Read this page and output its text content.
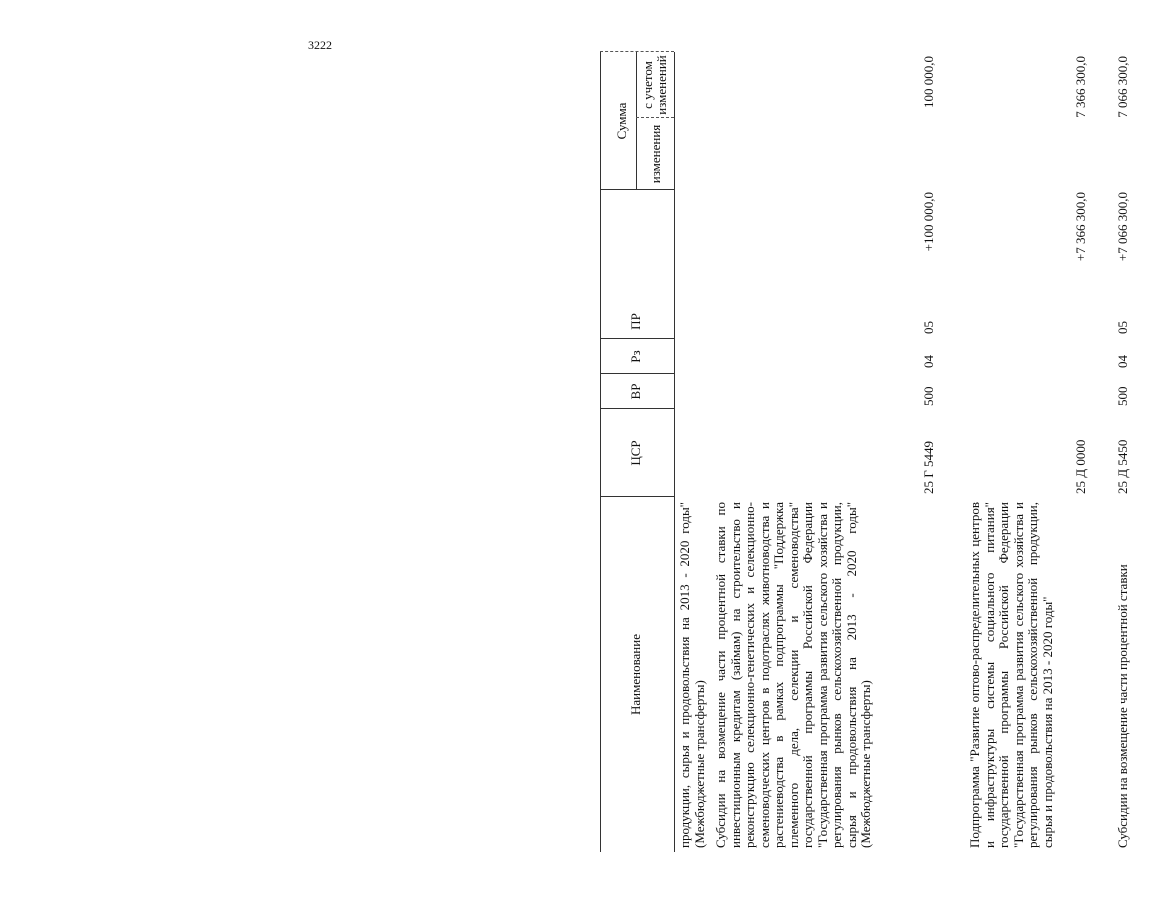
3222
Наименование
ЦСР
ВР
Рз
ПР
Сумма
изменения
с учетом изменений
продукции, сырья и продовольствия на 2013 - 2020 годы" (Межбюджетные трансферты) Субсидии на возмещение части процентной ставки по инвестиционным кредитам (займам) на строительство и реконструкцию селекционно-генетических и селекционно-семеноводческих центров в подотраслях животноводства и растениеводства в рамках подпрограммы "Поддержка племенного дела, селекции и семеноводства" государственной программы Российской Федерации "Государственная программа развития сельского хозяйства и регулирования рынков сельскохозяйственной продукции, сырья и продовольствия на 2013 - 2020 годы" (Межбюджетные трансферты)
25 Г 5449
500
04
05
+100 000,0
100 000,0
Подпрограмма "Развитие оптово-распределительных центров и инфраструктуры системы социального питания" государственной программы Российской Федерации "Государственная программа развития сельского хозяйства и регулирования рынков сельскохозяйственной продукции, сырья и продовольствия на 2013 - 2020 годы"
25 Д 0000
+7 366 300,0
7 366 300,0
Субсидии на возмещение части процентной ставки
25 Д 5450
500
04
05
+7 066 300,0
7 066 300,0
